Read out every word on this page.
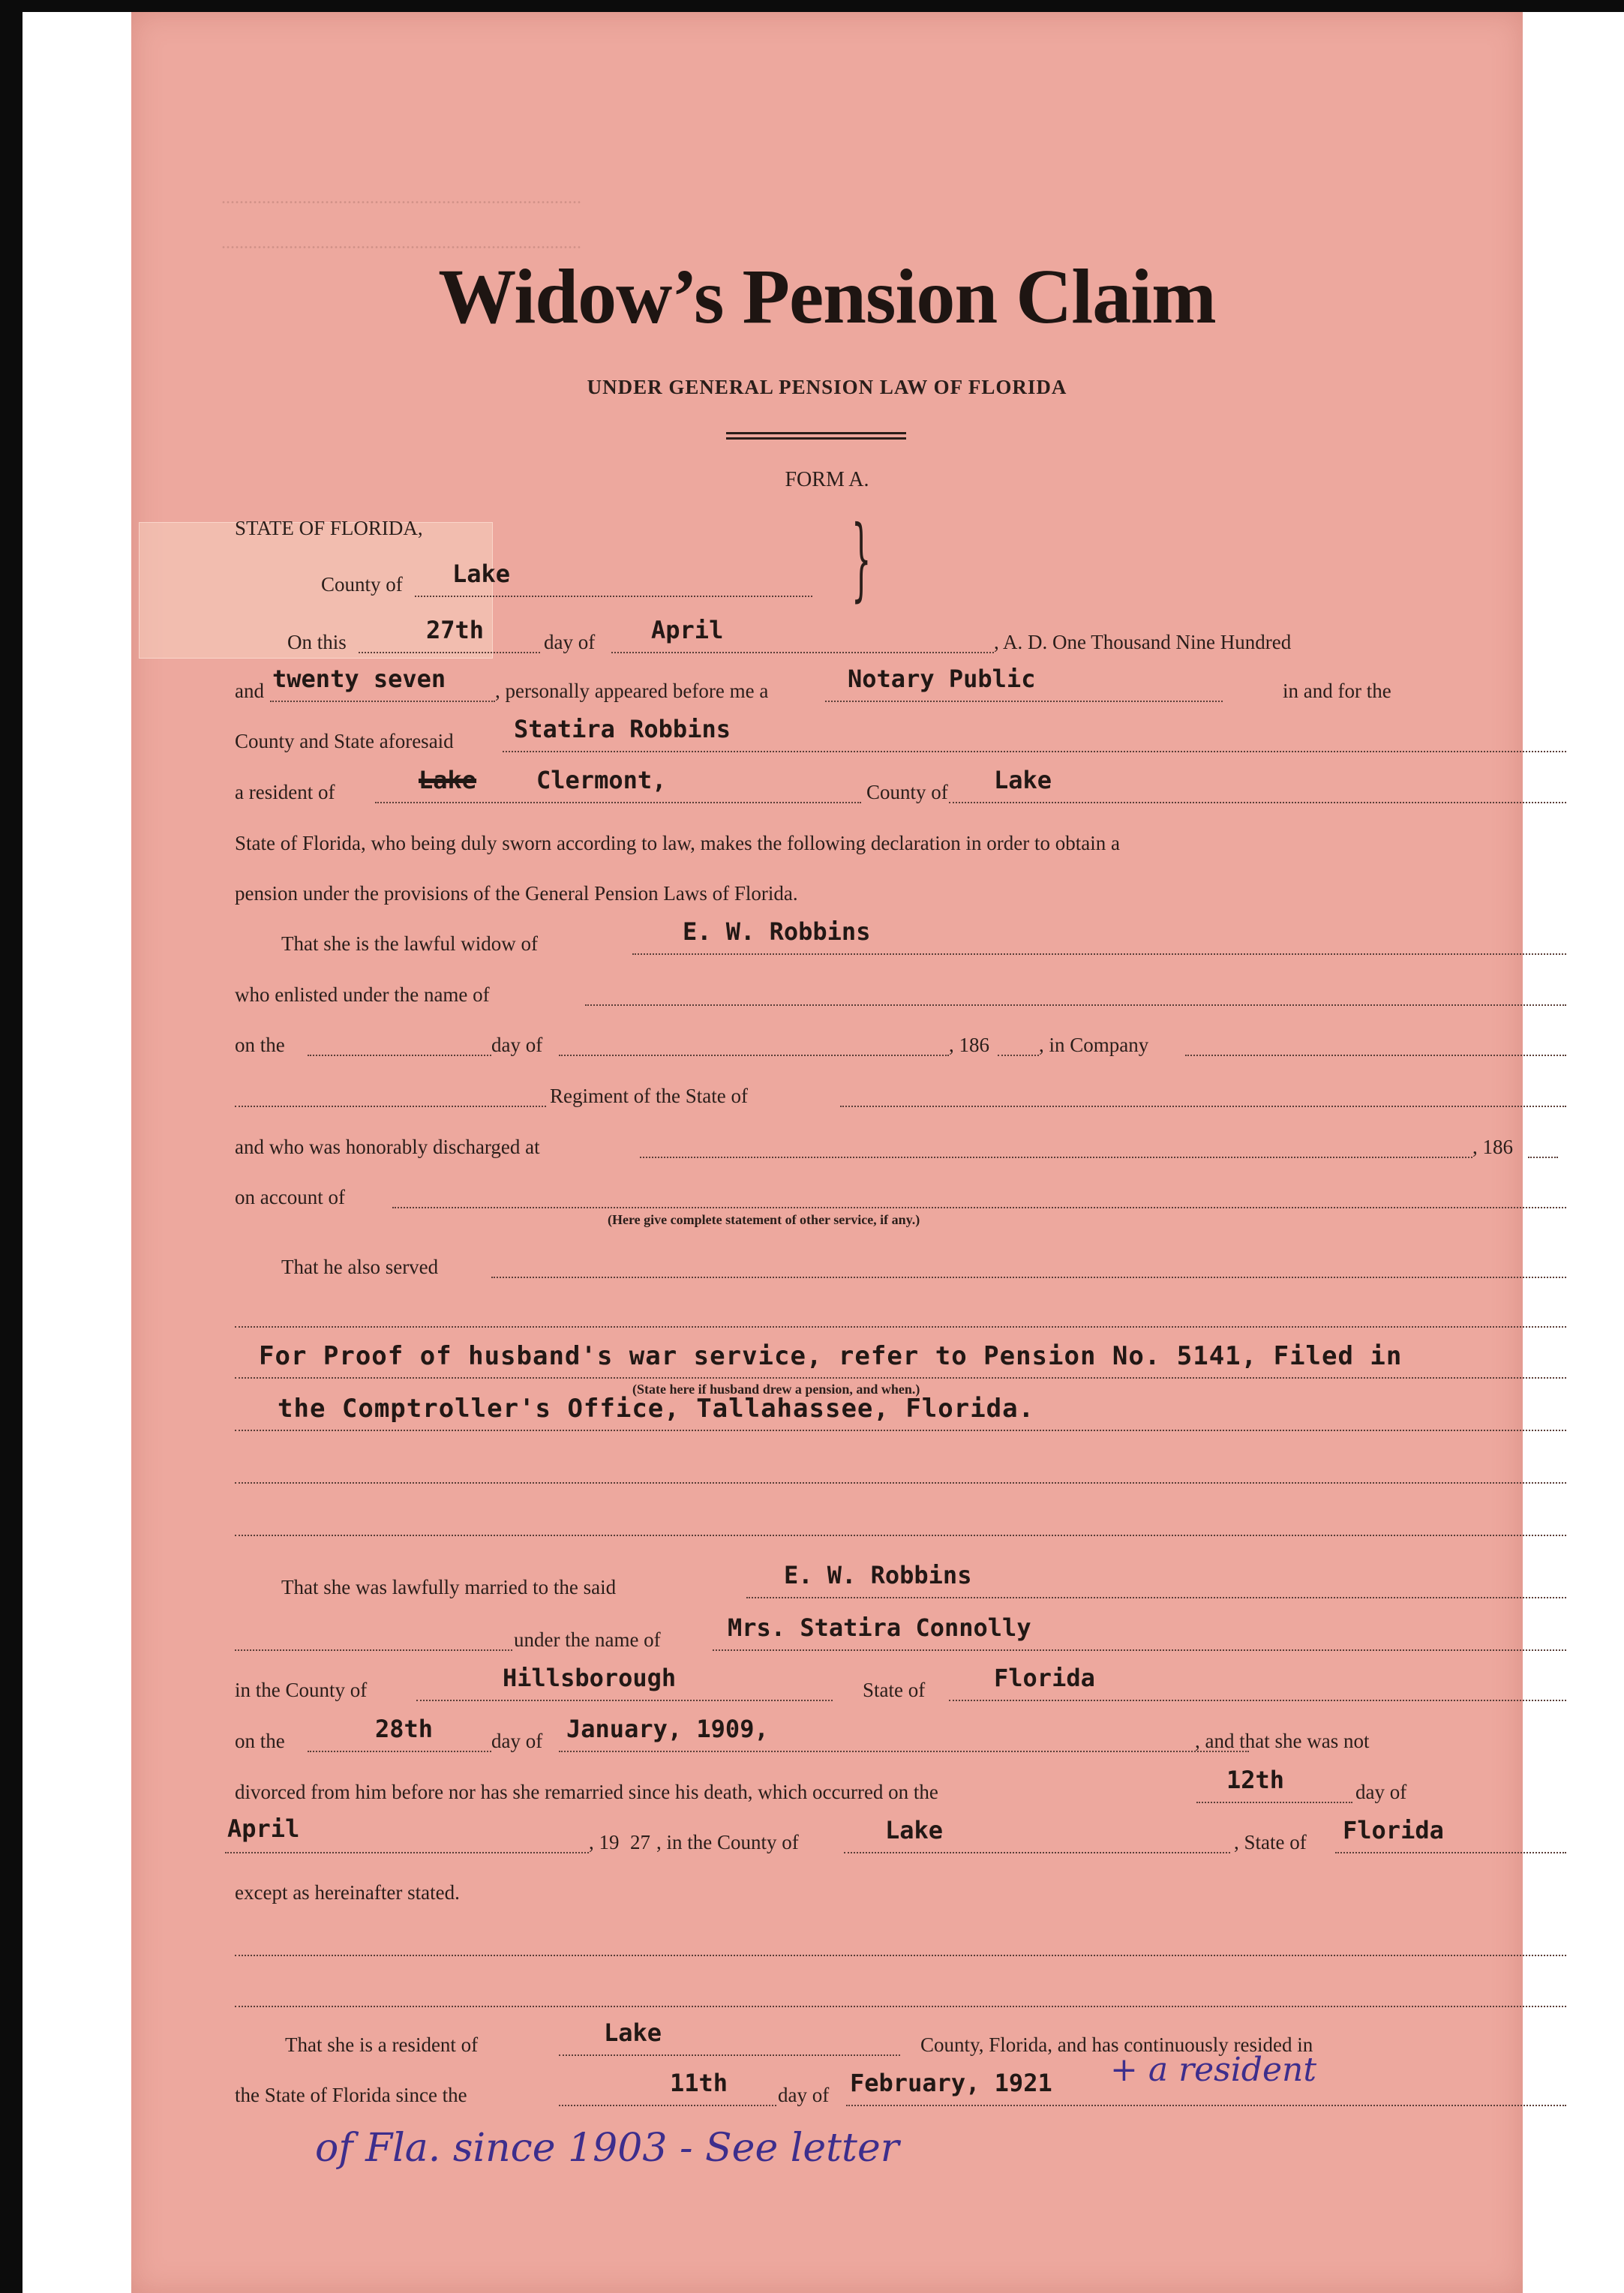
................................................................................
................................................................................
Widow’s Pension Claim
UNDER GENERAL PENSION LAW OF FLORIDA
FORM A.
STATE OF FLORIDA,
County of Lake	}
On this	27th	day of April	, A. D. One Thousand Nine Hundred
and twenty seven , personally appeared before me a	Notary Public	in and for the
County and State aforesaid	Statira Robbins
a resident of	Lake Clermont,	County of Lake
State of Florida, who being duly sworn according to law, makes the following declaration in order to obtain a
pension under the provisions of the General Pension Laws of Florida.
That she is the lawful widow of	E. W. Robbins
who enlisted under the name of
on the	day of	, 186 , in Company
Regiment of the State of
and who was honorably discharged at	, 186
on account of
(Here give complete statement of other service, if any.)
That he also served
For Proof of husband's war service, refer to Pension No. 5141, Filed in
(State here if husband drew a pension, and when.)
the Comptroller's Office, Tallahassee, Florida.
That she was lawfully married to the said	E. W. Robbins
under the name of	Mrs. Statira Connolly
in the County of	Hillsborough	State of	Florida
on the	28th	day of January, 1909,	, and that she was not
divorced from him before nor has she remarried since his death, which occurred on the	12th	day of
April	, 19 27 , in the County of	Lake	, State of Florida
except as hereinafter stated.
That she is a resident of	Lake	County, Florida, and has continuously resided in
the State of Florida since the	11th day of February, 1921 + a resident
of Fla. since 1903 - See letter
